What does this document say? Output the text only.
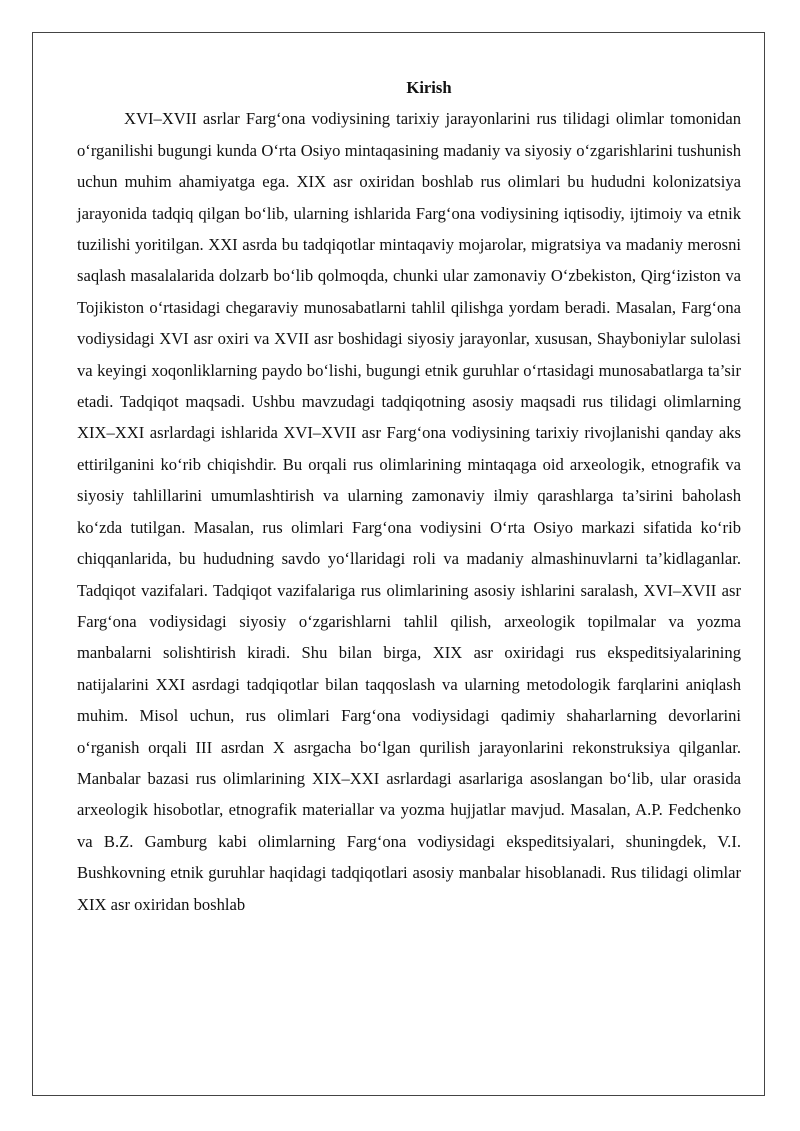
Kirish

XVI–XVII asrlar Farg‘ona vodiysining tarixiy jarayonlarini rus tilidagi olimlar tomonidan o‘rganilishi bugungi kunda O‘rta Osiyo mintaqasining madaniy va siyosiy o‘zgarishlarini tushunish uchun muhim ahamiyatga ega. XIX asr oxiridan boshlab rus olimlari bu hududni kolonizatsiya jarayonida tadqiq qilgan bo‘lib, ularning ishlarida Farg‘ona vodiysining iqtisodiy, ijtimoiy va etnik tuzilishi yoritilgan. XXI asrda bu tadqiqotlar mintaqaviy mojarolar, migratsiya va madaniy merosni saqlash masalalarida dolzarb bo‘lib qolmoqda, chunki ular zamonaviy O‘zbekiston, Qirg‘iziston va Tojikiston o‘rtasidagi chegaraviy munosabatlarni tahlil qilishga yordam beradi. Masalan, Farg‘ona vodiysidagi XVI asr oxiri va XVII asr boshidagi siyosiy jarayonlar, xususan, Shayboniylar sulolasi va keyingi xoqonliklarning paydo bo‘lishi, bugungi etnik guruhlar o‘rtasidagi munosabatlarga ta’sir etadi. Tadqiqot maqsadi. Ushbu mavzudagi tadqiqotning asosiy maqsadi rus tilidagi olimlarning XIX–XXI asrlardagi ishlarida XVI–XVII asr Farg‘ona vodiysining tarixiy rivojlanishi qanday aks ettirilganini ko‘rib chiqishdir. Bu orqali rus olimlarining mintaqaga oid arxeologik, etnografik va siyosiy tahlillarini umumlashtirish va ularning zamonaviy ilmiy qarashlarga ta’sirini baholash ko‘zda tutilgan. Masalan, rus olimlari Farg‘ona vodiysini O‘rta Osiyo markazi sifatida ko‘rib chiqqanlarida, bu hududning savdo yo‘llaridagi roli va madaniy almashinuvlarni ta’kidlaganlar. Tadqiqot vazifalari. Tadqiqot vazifalariga rus olimlarining asosiy ishlarini saralash, XVI–XVII asr Farg‘ona vodiysidagi siyosiy o‘zgarishlarni tahlil qilish, arxeologik topilmalar va yozma manbalarni solishtirish kiradi. Shu bilan birga, XIX asr oxiridagi rus ekspeditsiyalarining natijalarini XXI asrdagi tadqiqotlar bilan taqqoslash va ularning metodologik farqlarini aniqlash muhim. Misol uchun, rus olimlari Farg‘ona vodiysidagi qadimiy shaharlarning devorlarini o‘rganish orqali III asrdan X asrgacha bo‘lgan qurilish jarayonlarini rekonstruksiya qilganlar. Manbalar bazasi rus olimlarining XIX–XXI asrlardagi asarlariga asoslangan bo‘lib, ular orasida arxeologik hisobotlar, etnografik materiallar va yozma hujjatlar mavjud. Masalan, A.P. Fedchenko va B.Z. Gamburg kabi olimlarning Farg‘ona vodiysidagi ekspeditsiyalari, shuningdek, V.I. Bushkovning etnik guruhlar haqidagi tadqiqotlari asosiy manbalar hisoblanadi. Rus tilidagi olimlar XIX asr oxiridan boshlab
